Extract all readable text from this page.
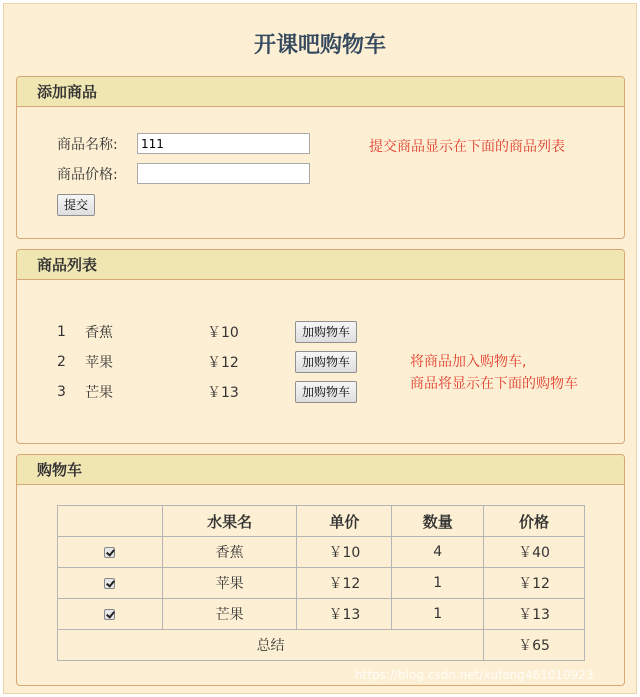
开课吧购物车
添加商品
商品名称:
111
商品价格:
提交
提交商品显示在下面的商品列表
商品列表
1	香蕉	￥10	加购物车
2	苹果	￥12	加购物车
3	芒果	￥13	加购物车
将商品加入购物车,
商品将显示在下面的购物车
购物车
	水果名	单价	数量	价格
	香蕉	￥10	4	￥40
	苹果	￥12	1	￥12
	芒果	￥13	1	￥13
总结				￥65
https://blog.csdn.net/xufang461010923
